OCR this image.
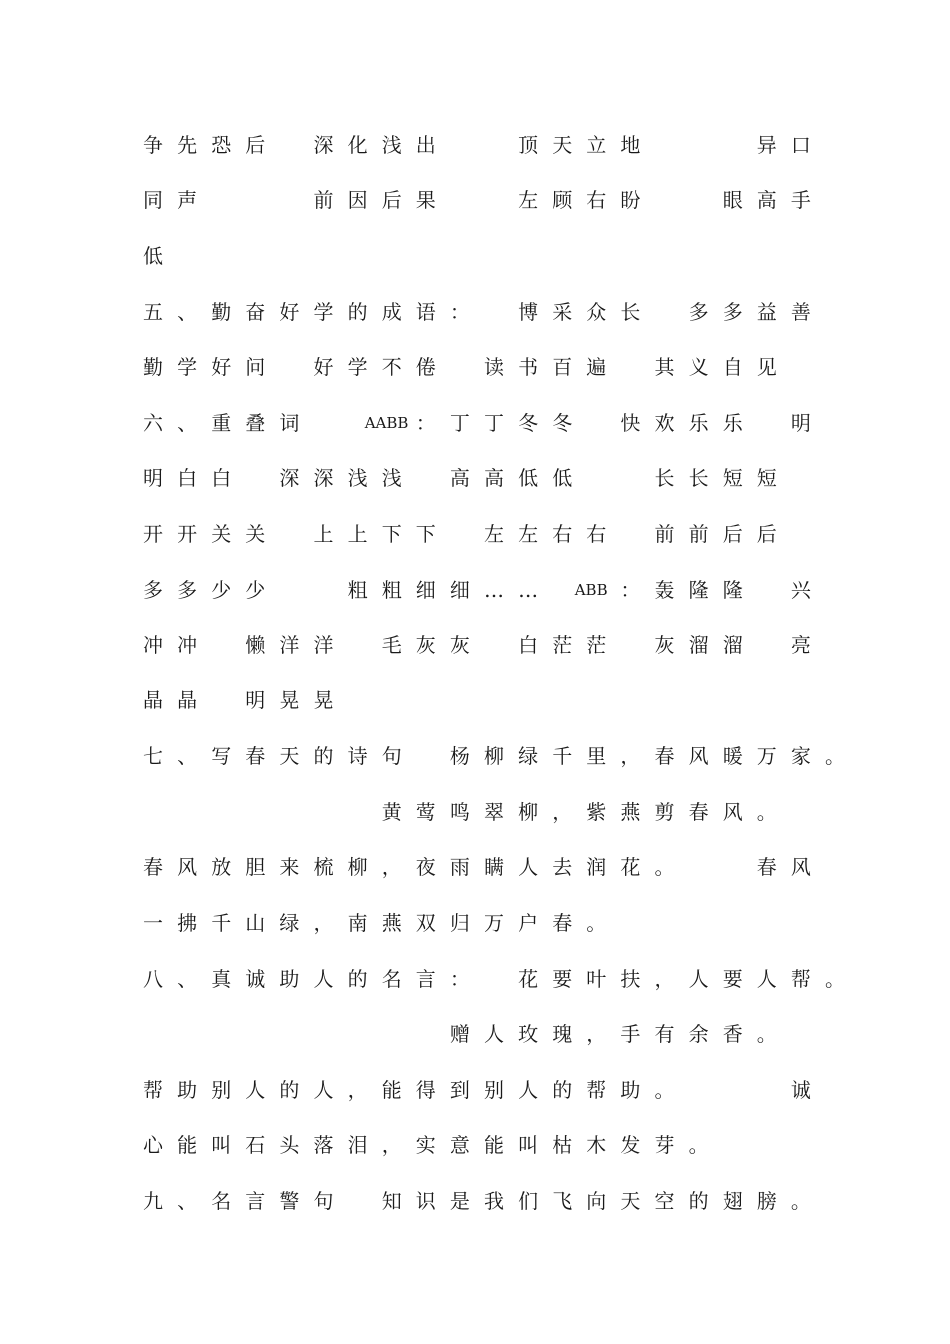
争 先 恐 后	深 化 浅 出	顶 天 立 地	异 口
同 声	前 因 后 果	左 顾 右 盼	眼 高 手
低
五 、 勤 奋 好 学 的 成 语 ：	博 采 众 长	多 多 益 善
勤 学 好 问	好 学 不 倦	读 书 百 遍	其 义 自 见
六 、 重 叠 词	AABB ： 丁 丁 冬 冬	快 欢 乐 乐	明
明 白 白	深 深 浅 浅	高 高 低 低	长 长 短 短
开 开 关 关	上 上 下 下	左 左 右 右	前 前 后 后
多 多 少 少	粗 粗 细 细 … …	ABB ： 轰 隆 隆	兴
冲 冲	懒 洋 洋	毛 灰 灰	白 茫 茫	灰 溜 溜	亮
晶 晶	明 晃 晃
七 、 写 春 天 的 诗 句	杨 柳 绿 千 里 ， 春 风 暖 万 家 。
黄 莺 鸣 翠 柳 ， 紫 燕 剪 春 风 。
春 风 放 胆 来 梳 柳 ， 夜 雨 瞒 人 去 润 花 。	春 风
一 拂 千 山 绿 ， 南 燕 双 归 万 户 春 。
八 、 真 诚 助 人 的 名 言 ：	花 要 叶 扶 ， 人 要 人 帮 。
赠 人 玫 瑰 ， 手 有 余 香 。
帮 助 别 人 的 人 ， 能 得 到 别 人 的 帮 助 。	诚
心 能 叫 石 头 落 泪 ， 实 意 能 叫 枯 木 发 芽 。
九 、 名 言 警 句	知 识 是 我 们 飞 向 天 空 的 翅 膀 。
